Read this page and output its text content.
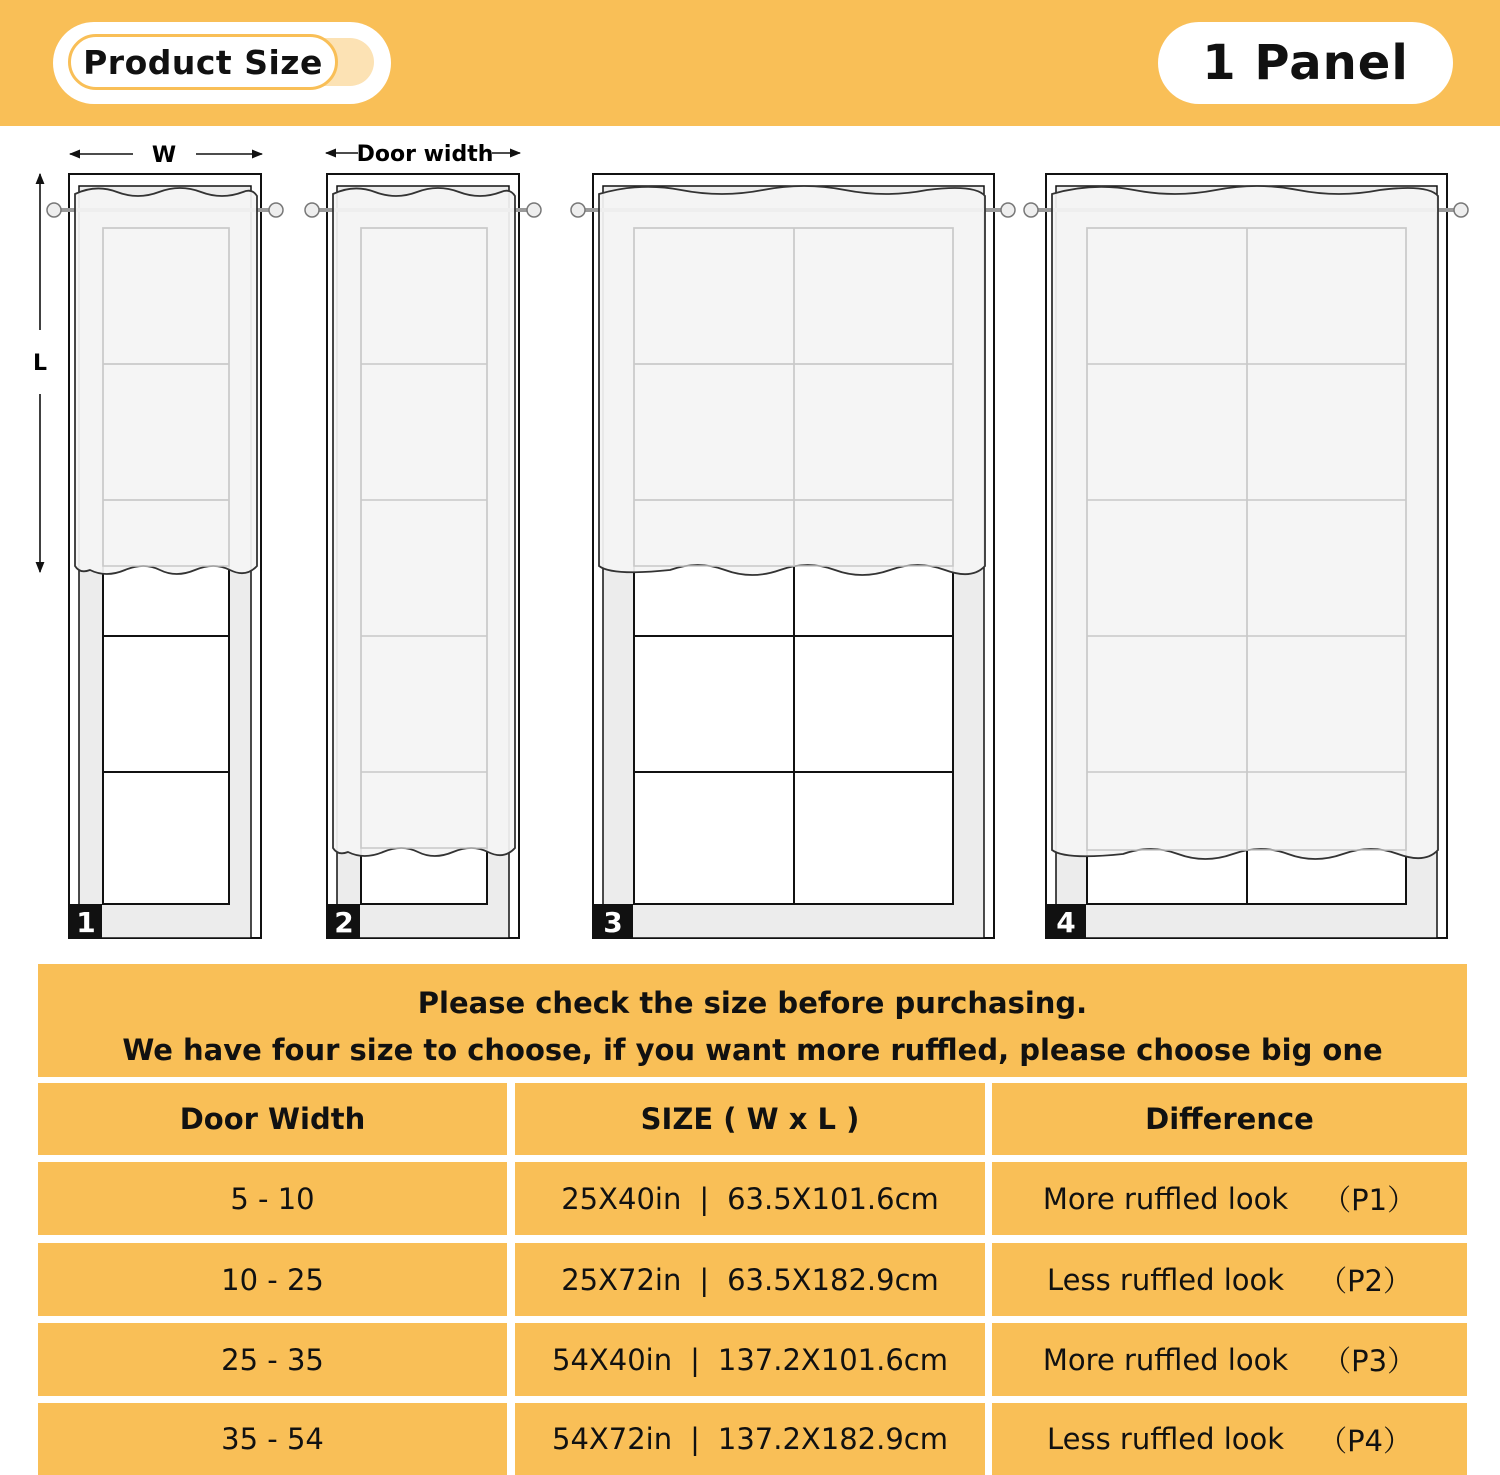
Product Size	1 Panel
W
L
Door width
1	2	3	4
Please check the size before purchasing.
We have four size to choose, if you want more ruffled, please choose big one
Door Width	SIZE ( W x L )	Difference
5 - 10	25X40in | 63.5X101.6cm	More ruffled look （P1）
10 - 25	25X72in | 63.5X182.9cm	Less ruffled look （P2）
25 - 35	54X40in | 137.2X101.6cm	More ruffled look （P3）
35 - 54	54X72in | 137.2X182.9cm	Less ruffled look （P4）
